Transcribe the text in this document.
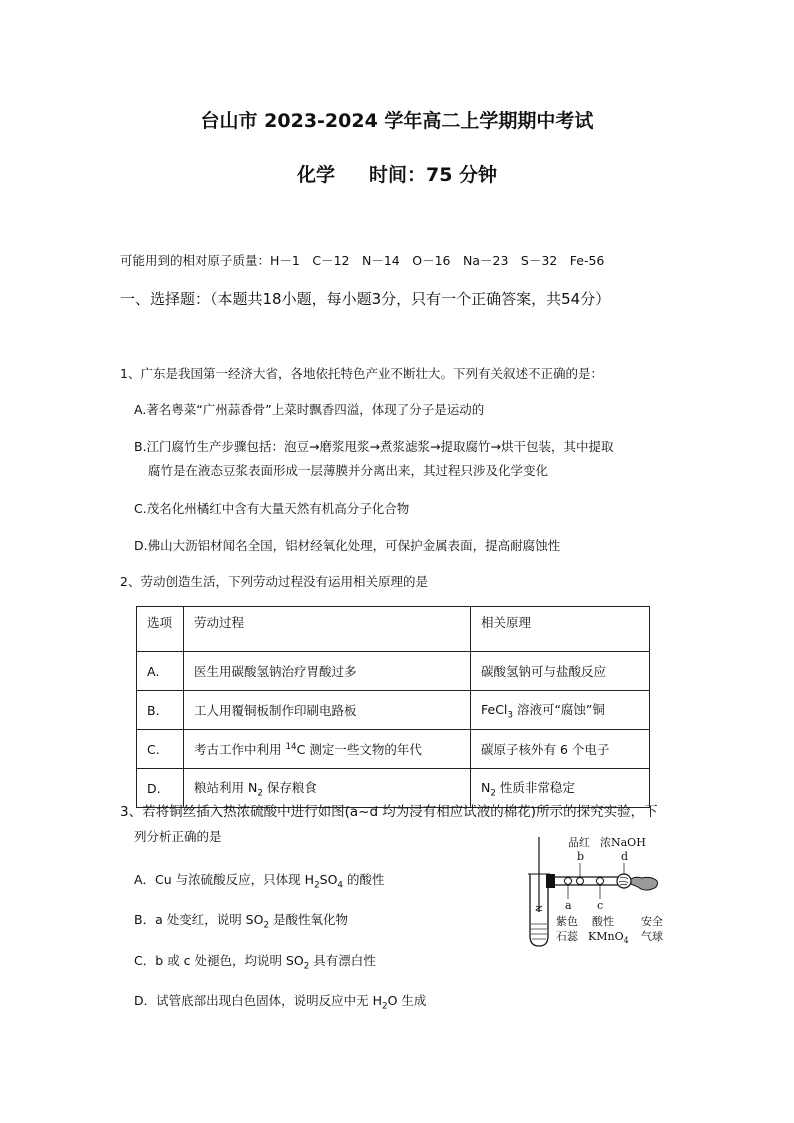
台山市 2023-2024 学年高二上学期期中考试
化学 时间：75 分钟
可能用到的相对原子质量：H－1　C－12　N－14　O－16　Na－23　S－32　Fe-56
一、选择题：（本题共18小题，每小题3分，只有一个正确答案，共54分）
1、广东是我国第一经济大省，各地依托特色产业不断壮大。下列有关叙述不正确的是：
A.著名粤菜“广州蒜香骨”上菜时飘香四溢，体现了分子是运动的
B.江门腐竹生产步骤包括：泡豆→磨浆甩浆→煮浆滤浆→提取腐竹→烘干包装，其中提取
腐竹是在液态豆浆表面形成一层薄膜并分离出来，其过程只涉及化学变化
C.茂名化州橘红中含有大量天然有机高分子化合物
D.佛山大沥铝材闻名全国，铝材经氧化处理，可保护金属表面，提高耐腐蚀性
2、劳动创造生活，下列劳动过程没有运用相关原理的是
选项	劳动过程	相关原理
A.	医生用碳酸氢钠治疗胃酸过多	碳酸氢钠可与盐酸反应
B.	工人用覆铜板制作印刷电路板	FeCl$_3$ 溶液可“腐蚀”铜
C.	考古工作中利用 $^{14}$C 测定一些文物的年代	碳原子核外有 6 个电子
D.	粮站利用 $N_2$ 保存粮食	$N_2$ 性质非常稳定
3、若将铜丝插入热浓硫酸中进行如图(a~d 均为浸有相应试液的棉花)所示的探究实验，下
列分析正确的是
A．Cu 与浓硫酸反应，只体现 $H_2SO_4$ 的酸性
B．a 处变红，说明 $SO_2$ 是酸性氧化物
C．b 或 c 处褪色，均说明 $SO_2$ 具有漂白性
D．试管底部出现白色固体，说明反应中无 $H_2O$ 生成
品红 浓NaOH
b	d
a c
紫色
石蕊
酸性
KMnO$_4$
安全
气球
